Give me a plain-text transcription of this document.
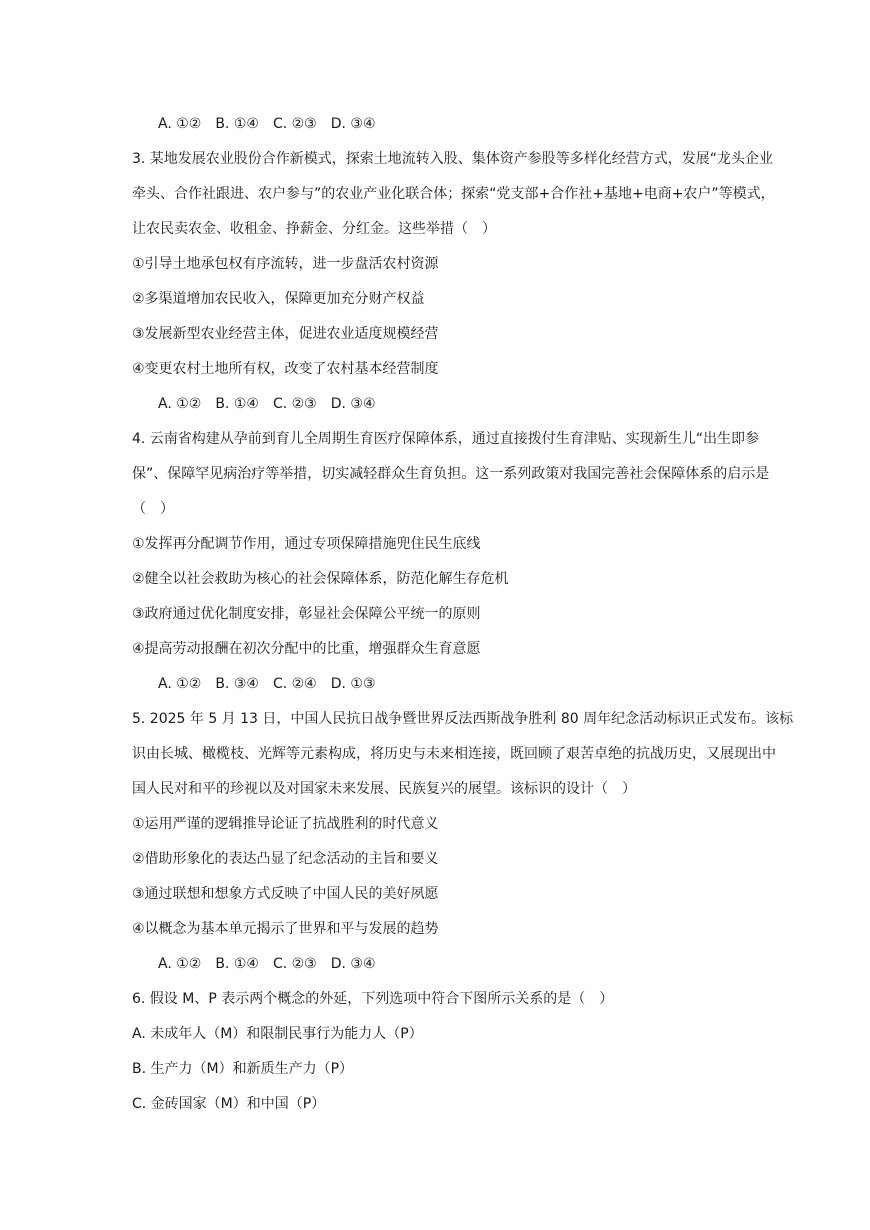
A. ①②　B. ①④　C. ②③　D. ③④
3. 某地发展农业股份合作新模式，探索土地流转入股、集体资产参股等多样化经营方式，发展“龙头企业
牵头、合作社跟进、农户参与”的农业产业化联合体；探索“党支部+合作社+基地+电商+农户”等模式，
让农民卖农金、收租金、挣薪金、分红金。这些举措（　）
①引导土地承包权有序流转，进一步盘活农村资源
②多渠道增加农民收入，保障更加充分财产权益
③发展新型农业经营主体，促进农业适度规模经营
④变更农村土地所有权，改变了农村基本经营制度
A. ①②　B. ①④　C. ②③　D. ③④
4. 云南省构建从孕前到育儿全周期生育医疗保障体系，通过直接拨付生育津贴、实现新生儿“出生即参
保”、保障罕见病治疗等举措，切实减轻群众生育负担。这一系列政策对我国完善社会保障体系的启示是
（　）
①发挥再分配调节作用，通过专项保障措施兜住民生底线
②健全以社会救助为核心的社会保障体系，防范化解生存危机
③政府通过优化制度安排，彰显社会保障公平统一的原则
④提高劳动报酬在初次分配中的比重，增强群众生育意愿
A. ①②　B. ③④　C. ②④　D. ①③
5. 2025 年 5 月 13 日，中国人民抗日战争暨世界反法西斯战争胜利 80 周年纪念活动标识正式发布。该标
识由长城、橄榄枝、光辉等元素构成，将历史与未来相连接，既回顾了艰苦卓绝的抗战历史，又展现出中
国人民对和平的珍视以及对国家未来发展、民族复兴的展望。该标识的设计（　）
①运用严谨的逻辑推导论证了抗战胜利的时代意义
②借助形象化的表达凸显了纪念活动的主旨和要义
③通过联想和想象方式反映了中国人民的美好夙愿
④以概念为基本单元揭示了世界和平与发展的趋势
A. ①②　B. ①④　C. ②③　D. ③④
6. 假设 M、P 表示两个概念的外延，下列选项中符合下图所示关系的是（　）
A. 未成年人（M）和限制民事行为能力人（P）
B. 生产力（M）和新质生产力（P）
C. 金砖国家（M）和中国（P）
